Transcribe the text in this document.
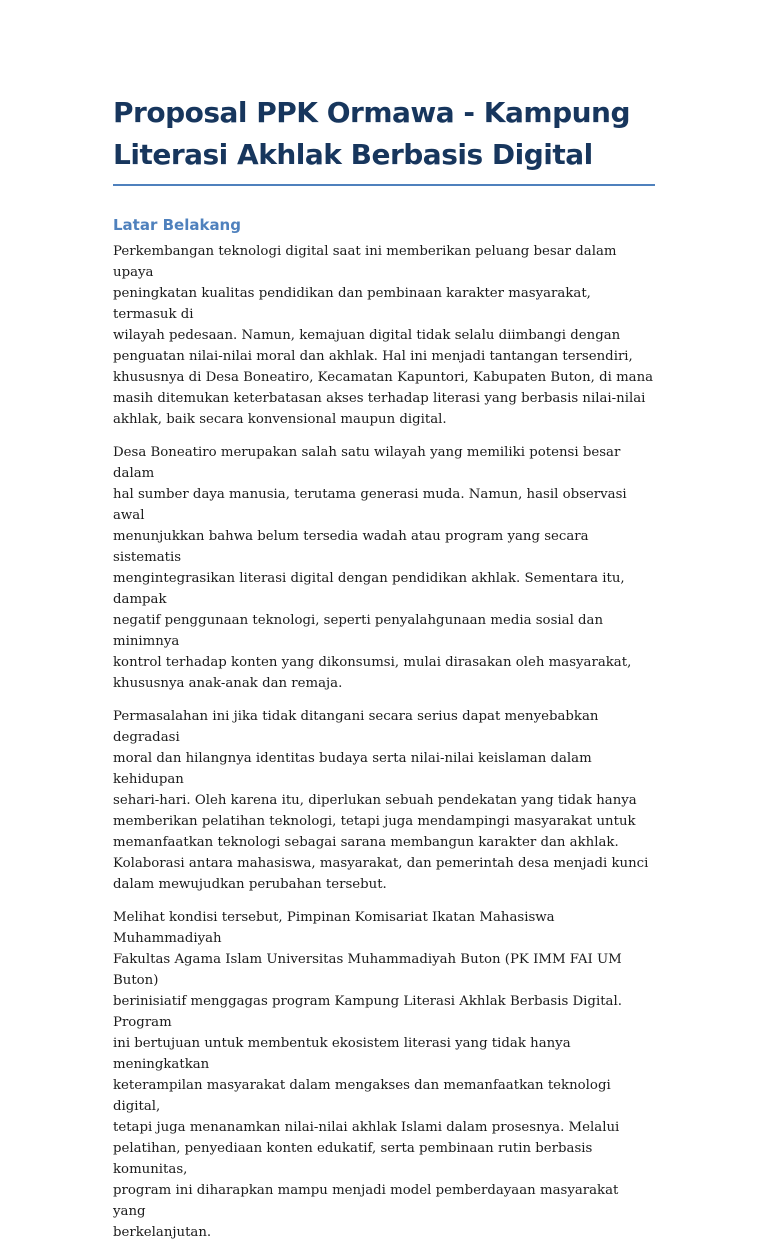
Proposal PPK Ormawa - Kampung
Literasi Akhlak Berbasis Digital
Latar Belakang

Perkembangan teknologi digital saat ini memberikan peluang besar dalam upaya
peningkatan kualitas pendidikan dan pembinaan karakter masyarakat, termasuk di
wilayah pedesaan. Namun, kemajuan digital tidak selalu diimbangi dengan
penguatan nilai-nilai moral dan akhlak. Hal ini menjadi tantangan tersendiri,
khususnya di Desa Boneatiro, Kecamatan Kapuntori, Kabupaten Buton, di mana
masih ditemukan keterbatasan akses terhadap literasi yang berbasis nilai-nilai
akhlak, baik secara konvensional maupun digital.

Desa Boneatiro merupakan salah satu wilayah yang memiliki potensi besar dalam
hal sumber daya manusia, terutama generasi muda. Namun, hasil observasi awal
menunjukkan bahwa belum tersedia wadah atau program yang secara sistematis
mengintegrasikan literasi digital dengan pendidikan akhlak. Sementara itu, dampak
negatif penggunaan teknologi, seperti penyalahgunaan media sosial dan minimnya
kontrol terhadap konten yang dikonsumsi, mulai dirasakan oleh masyarakat,
khususnya anak-anak dan remaja.

Permasalahan ini jika tidak ditangani secara serius dapat menyebabkan degradasi
moral dan hilangnya identitas budaya serta nilai-nilai keislaman dalam kehidupan
sehari-hari. Oleh karena itu, diperlukan sebuah pendekatan yang tidak hanya
memberikan pelatihan teknologi, tetapi juga mendampingi masyarakat untuk
memanfaatkan teknologi sebagai sarana membangun karakter dan akhlak.
Kolaborasi antara mahasiswa, masyarakat, dan pemerintah desa menjadi kunci
dalam mewujudkan perubahan tersebut.

Melihat kondisi tersebut, Pimpinan Komisariat Ikatan Mahasiswa Muhammadiyah
Fakultas Agama Islam Universitas Muhammadiyah Buton (PK IMM FAI UM Buton)
berinisiatif menggagas program Kampung Literasi Akhlak Berbasis Digital. Program
ini bertujuan untuk membentuk ekosistem literasi yang tidak hanya meningkatkan
keterampilan masyarakat dalam mengakses dan memanfaatkan teknologi digital,
tetapi juga menanamkan nilai-nilai akhlak Islami dalam prosesnya. Melalui
pelatihan, penyediaan konten edukatif, serta pembinaan rutin berbasis komunitas,
program ini diharapkan mampu menjadi model pemberdayaan masyarakat yang
berkelanjutan.
